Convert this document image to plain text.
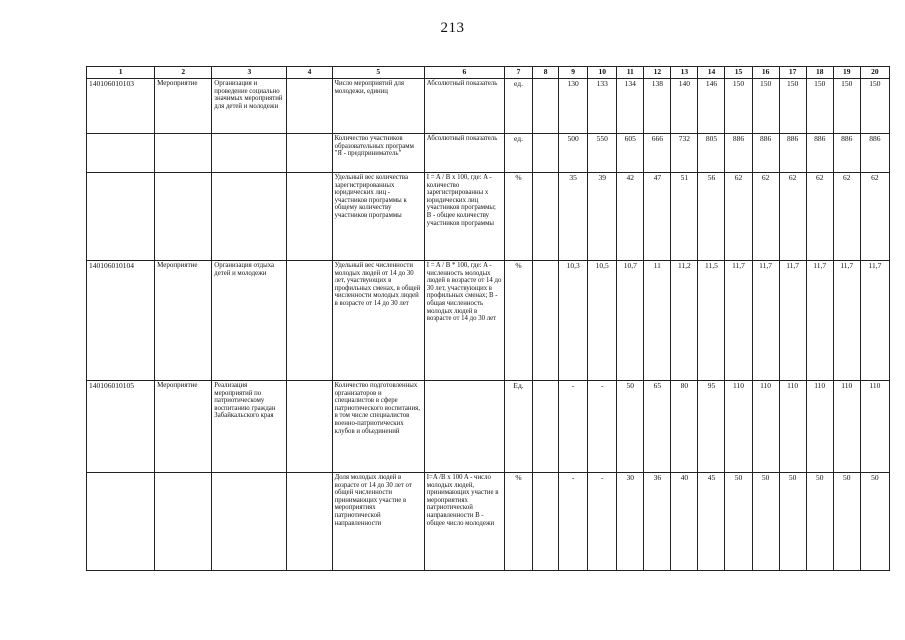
213
1	2	3	4	5	6	7	8	9	10	11	12	13	14	15	16	17	18	19	20
140106010103	Мероприятие	Организация и проведение социально значимых мероприятий для детей и молодежи		Число мероприятий для молодежи, единиц	Абсолютный показатель	ед.		130	133	134	138	140	146	150	150	150	150	150	150
				Количество участников образовательных программ "Я - предприниматель"	Абсолютный показатель	ед.		500	550	605	666	732	805	886	886	886	886	886	886
				Удельный вес количества зарегистрированных юридических лиц - участников программы к общему количеству участников программы	I = A / B x 100, где: A - количество зарегистрированны х юридических лиц участников программы; B - общее количеству участников программы	%		35	39	42	47	51	56	62	62	62	62	62	62
140106010104	Мероприятие	Организация отдыха детей и молодежи		Удельный вес численности молодых людей от 14 до 30 лет, участвующих в профильных сменах, в общей численности молодых людей в возрасте от 14 до 30 лет	I = A / B * 100, где: A - численность молодых людей в возрасте от 14 до 30 лет, участвующих в профильных сменах; B - общая численность молодых людей в возрасте от 14 до 30 лет	%		10,3	10,5	10,7	11	11,2	11,5	11,7	11,7	11,7	11,7	11,7	11,7
140106010105	Мероприятие	Реализация мероприятий по патриотическому воспитанию граждан Забайкальского края		Количество подготовленных организаторов и специалистов в сфере патриотического воспитания, в том числе специалистов военно-патриотических клубов и объединений		Ед.		-	-	50	65	80	95	110	110	110	110	110	110
				Доля молодых людей в возрасте от 14 до 30 лет от общей численности принимающих участие в мероприятиях патриотической направленности	I=A /B x 100 A - число молодых людей, принимающих участие в мероприятиях патриотической направленности B - общее число молодежи	%		-	-	30	36	40	45	50	50	50	50	50	50
